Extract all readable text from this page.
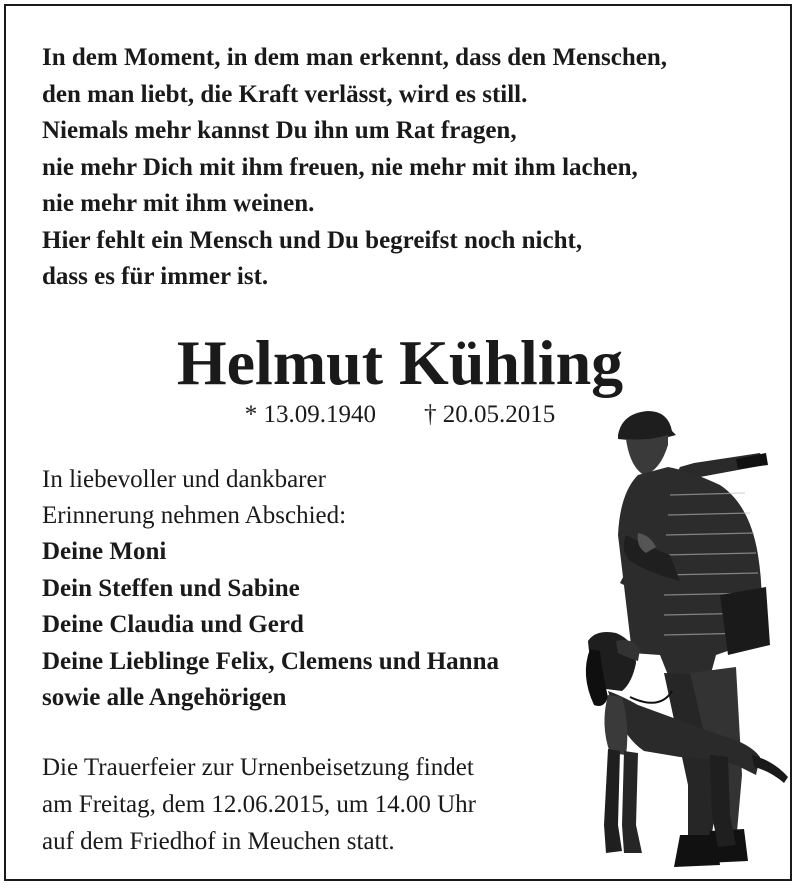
In dem Moment, in dem man erkennt, dass den Menschen,

den man liebt, die Kraft verlässt, wird es still.

Niemals mehr kannst Du ihn um Rat fragen,

nie mehr Dich mit ihm freuen, nie mehr mit ihm lachen,

nie mehr mit ihm weinen.

Hier fehlt ein Mensch und Du begreifst noch nicht,

dass es für immer ist.

Helmut Kühling
* 13.09.1940 † 20.05.2015

In liebevoller und dankbarer

Erinnerung nehmen Abschied:

Deine Moni

Dein Steffen und Sabine

Deine Claudia und Gerd

Deine Lieblinge Felix, Clemens und Hanna

sowie alle Angehörigen

Die Trauerfeier zur Urnenbeisetzung findet

am Freitag, dem 12.06.2015, um 14.00 Uhr

auf dem Friedhof in Meuchen statt.
